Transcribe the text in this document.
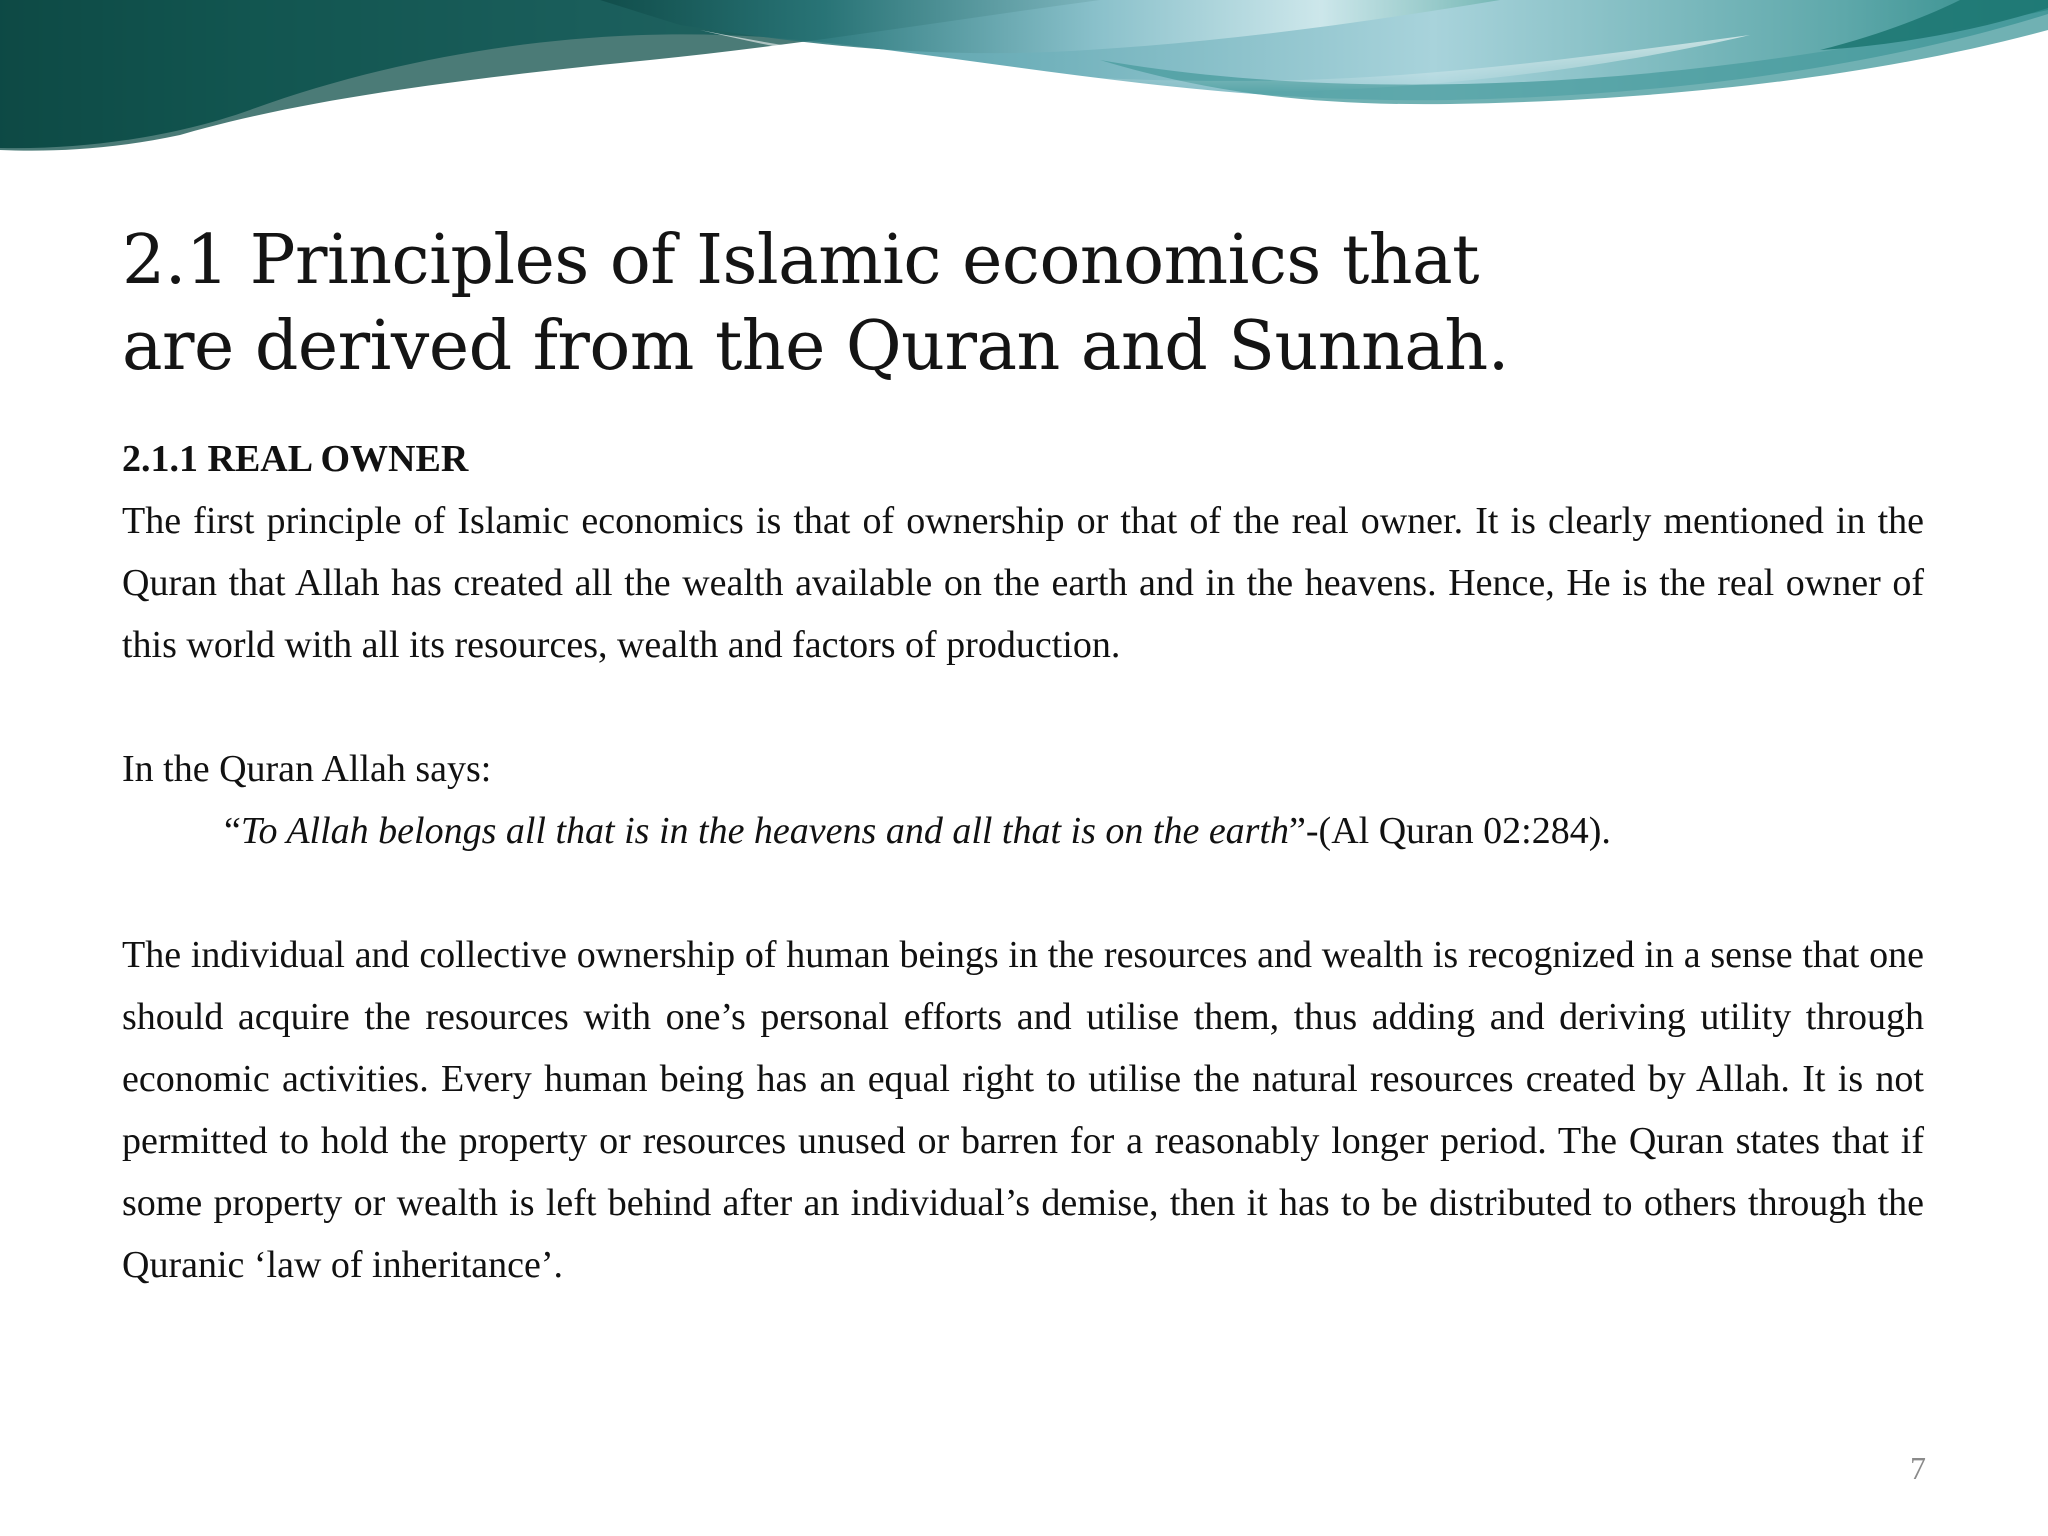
2.1 Principles of Islamic economics that
are derived from the Quran and Sunnah.

2.1.1 REAL OWNER

The first principle of Islamic economics is that of ownership or that of the real owner. It is clearly mentioned in the Quran that Allah has created all the wealth available on the earth and in the heavens. Hence, He is the real owner of this world with all its resources, wealth and factors of production.

In the Quran Allah says:

“To Allah belongs all that is in the heavens and all that is on the earth”-(Al Quran 02:284).

The individual and collective ownership of human beings in the resources and wealth is recognized in a sense that one should acquire the resources with one’s personal efforts and utilise them, thus adding and deriving utility through economic activities. Every human being has an equal right to utilise the natural resources created by Allah. It is not permitted to hold the property or resources unused or barren for a reasonably longer period. The Quran states that if some property or wealth is left behind after an individual’s demise, then it has to be distributed to others through the Quranic ‘law of inheritance’.

7
